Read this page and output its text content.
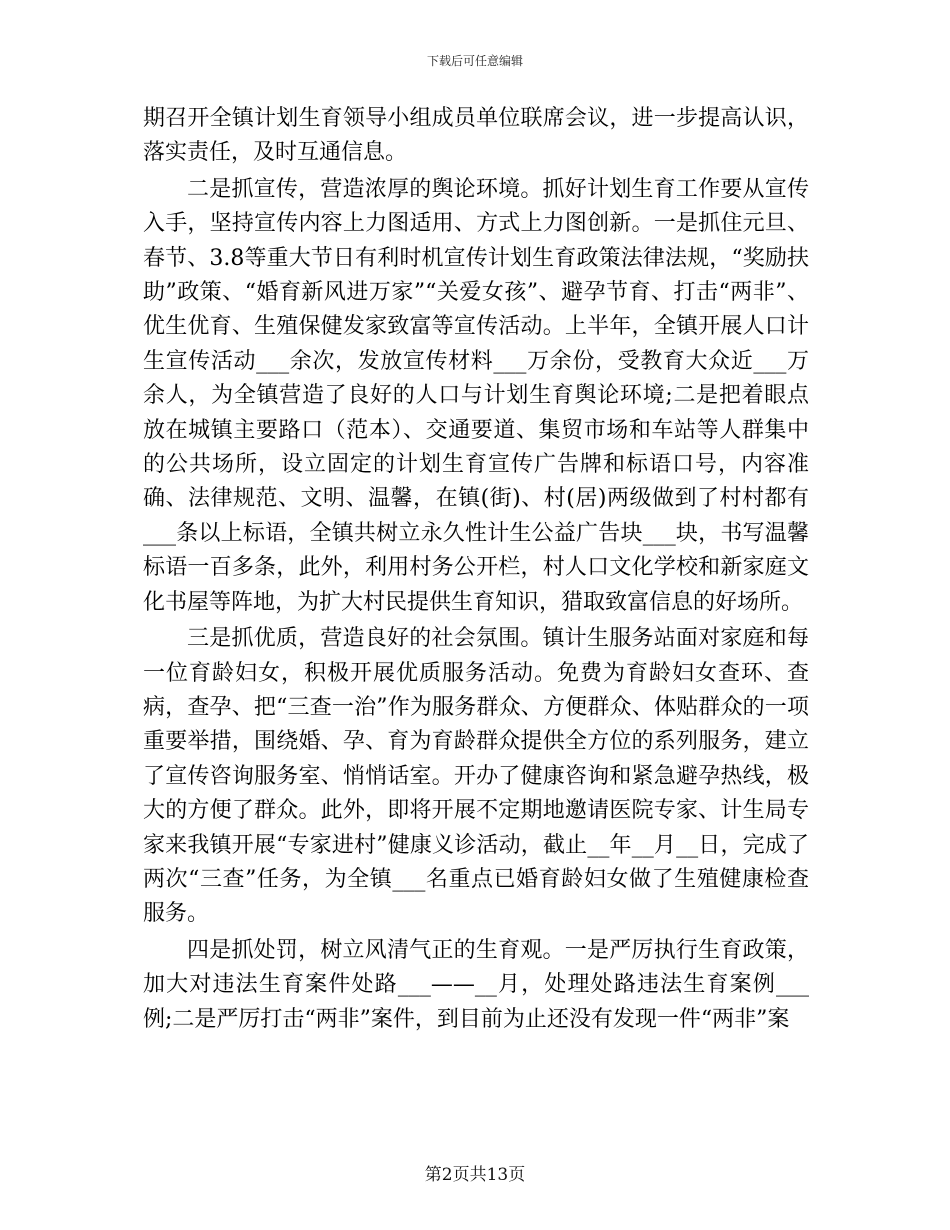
下载后可任意编辑

期召开全镇计划生育领导小组成员单位联席会议，进一步提高认识，落实责任，及时互通信息。

二是抓宣传，营造浓厚的舆论环境。抓好计划生育工作要从宣传入手，坚持宣传内容上力图适用、方式上力图创新。一是抓住元旦、春节、3.8等重大节日有利时机宣传计划生育政策法律法规，“奖励扶助”政策、“婚育新风进万家”“关爱女孩”、避孕节育、打击“两非”、优生优育、生殖保健发家致富等宣传活动。上半年，全镇开展人口计生宣传活动___余次，发放宣传材料___万余份，受教育大众近___万余人，为全镇营造了良好的人口与计划生育舆论环境;二是把着眼点放在城镇主要路口（范本）、交通要道、集贸市场和车站等人群集中的公共场所，设立固定的计划生育宣传广告牌和标语口号，内容准确、法律规范、文明、温馨，在镇(街)、村(居)两级做到了村村都有___条以上标语，全镇共树立永久性计生公益广告块___块，书写温馨标语一百多条，此外，利用村务公开栏，村人口文化学校和新家庭文化书屋等阵地，为扩大村民提供生育知识，猎取致富信息的好场所。

三是抓优质，营造良好的社会氛围。镇计生服务站面对家庭和每一位育龄妇女，积极开展优质服务活动。免费为育龄妇女查环、查病，查孕、把“三查一治”作为服务群众、方便群众、体贴群众的一项重要举措，围绕婚、孕、育为育龄群众提供全方位的系列服务，建立了宣传咨询服务室、悄悄话室。开办了健康咨询和紧急避孕热线，极大的方便了群众。此外，即将开展不定期地邀请医院专家、计生局专家来我镇开展“专家进村”健康义诊活动，截止__年__月__日，完成了两次“三查”任务，为全镇___名重点已婚育龄妇女做了生殖健康检查服务。

四是抓处罚，树立风清气正的生育观。一是严厉执行生育政策，加大对违法生育案件处路___——__月，处理处路违法生育案例___例;二是严厉打击“两非”案件，到目前为止还没有发现一件“两非”案

第2页共13页
